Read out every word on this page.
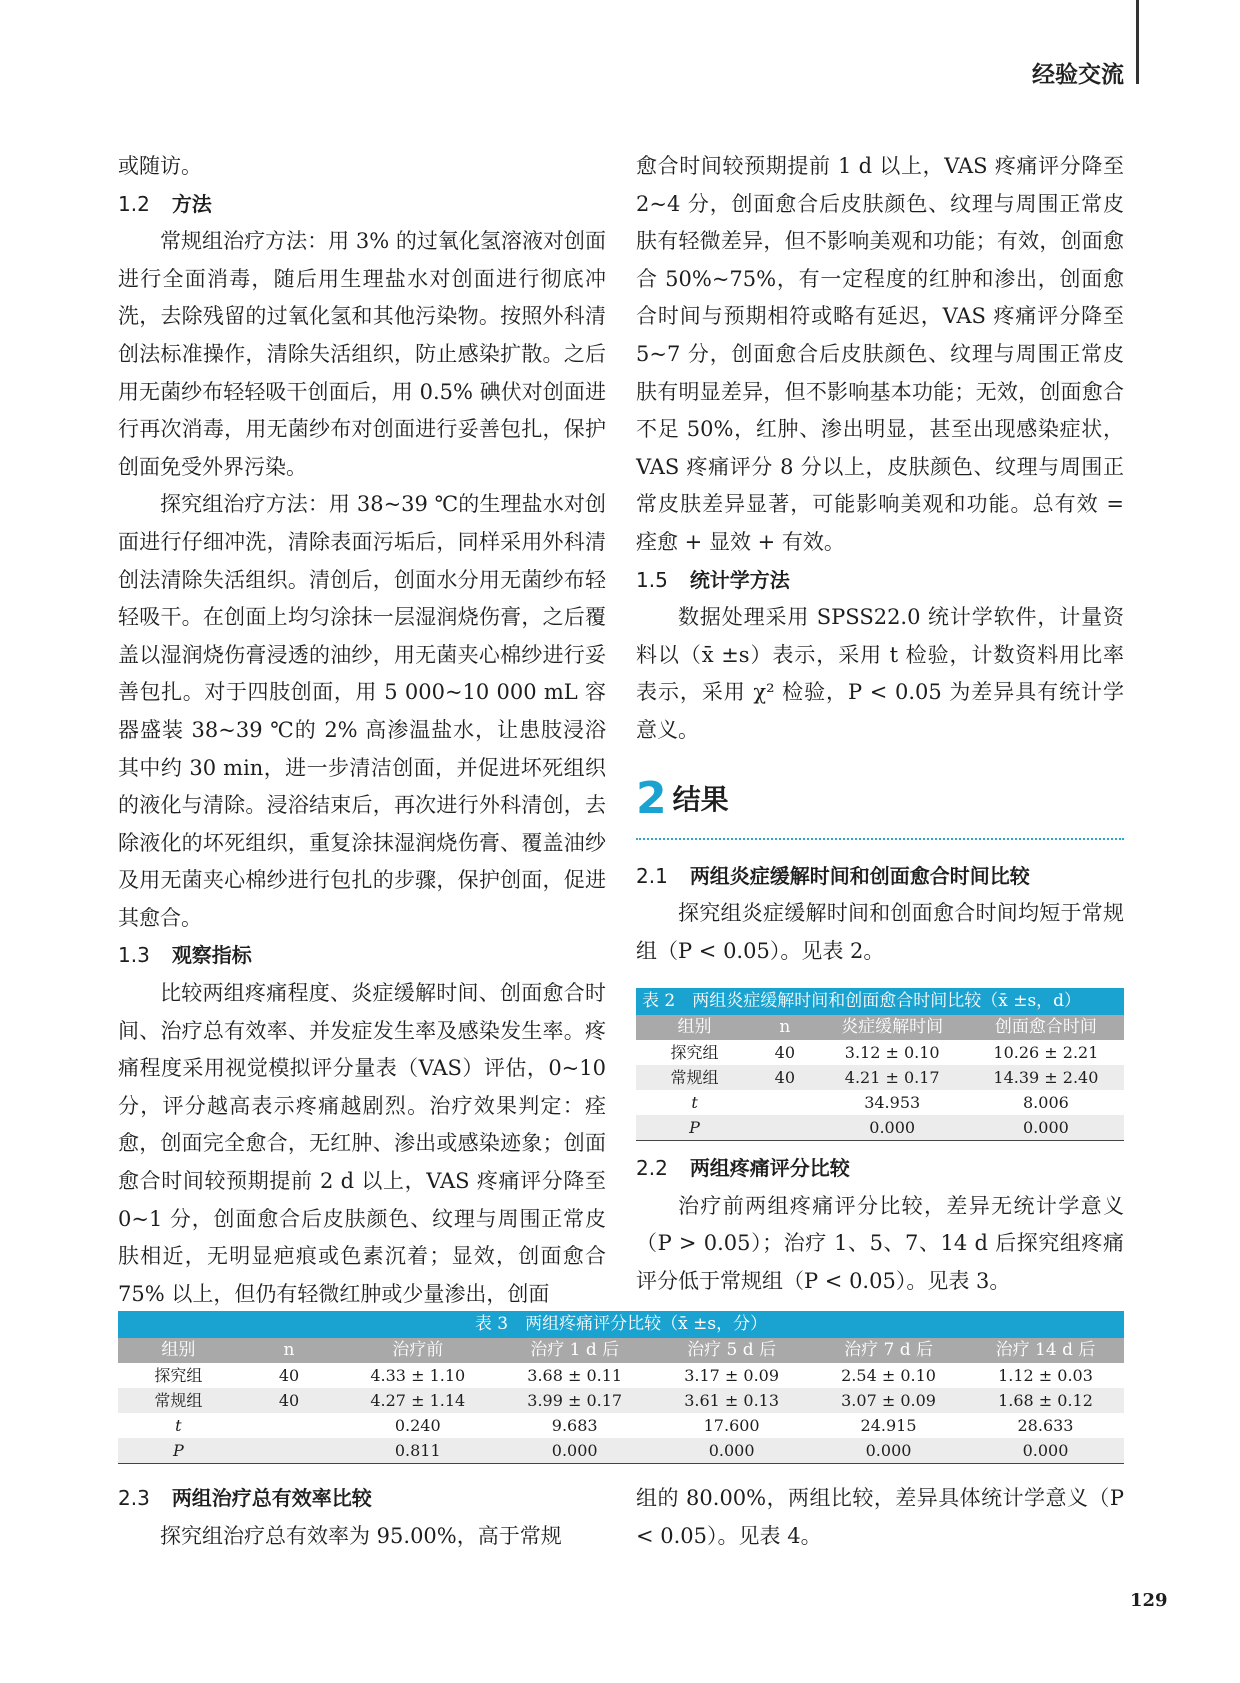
经验交流

或随访。

1.2 方法

常规组治疗方法：用 3% 的过氧化氢溶液对创面进行全面消毒，随后用生理盐水对创面进行彻底冲洗，去除残留的过氧化氢和其他污染物。按照外科清创法标准操作，清除失活组织，防止感染扩散。之后用无菌纱布轻轻吸干创面后，用 0.5% 碘伏对创面进行再次消毒，用无菌纱布对创面进行妥善包扎，保护创面免受外界污染。

探究组治疗方法：用 38~39 ℃的生理盐水对创面进行仔细冲洗，清除表面污垢后，同样采用外科清创法清除失活组织。清创后，创面水分用无菌纱布轻轻吸干。在创面上均匀涂抹一层湿润烧伤膏，之后覆盖以湿润烧伤膏浸透的油纱，用无菌夹心棉纱进行妥善包扎。对于四肢创面，用 5 000~10 000 mL 容器盛装 38~39 ℃的 2% 高渗温盐水，让患肢浸浴其中约 30 min，进一步清洁创面，并促进坏死组织的液化与清除。浸浴结束后，再次进行外科清创，去除液化的坏死组织，重复涂抹湿润烧伤膏、覆盖油纱及用无菌夹心棉纱进行包扎的步骤，保护创面，促进其愈合。

1.3 观察指标

比较两组疼痛程度、炎症缓解时间、创面愈合时间、治疗总有效率、并发症发生率及感染发生率。疼痛程度采用视觉模拟评分量表（VAS）评估，0~10 分，评分越高表示疼痛越剧烈。治疗效果判定：痊愈，创面完全愈合，无红肿、渗出或感染迹象；创面愈合时间较预期提前 2 d 以上，VAS 疼痛评分降至 0~1 分，创面愈合后皮肤颜色、纹理与周围正常皮肤相近，无明显疤痕或色素沉着；显效，创面愈合 75% 以上，但仍有轻微红肿或少量渗出，创面

愈合时间较预期提前 1 d 以上，VAS 疼痛评分降至 2~4 分，创面愈合后皮肤颜色、纹理与周围正常皮肤有轻微差异，但不影响美观和功能；有效，创面愈合 50%~75%，有一定程度的红肿和渗出，创面愈合时间与预期相符或略有延迟，VAS 疼痛评分降至 5~7 分，创面愈合后皮肤颜色、纹理与周围正常皮肤有明显差异，但不影响基本功能；无效，创面愈合不足 50%，红肿、渗出明显，甚至出现感染症状，VAS 疼痛评分 8 分以上，皮肤颜色、纹理与周围正常皮肤差异显著，可能影响美观和功能。总有效 = 痊愈 + 显效 + 有效。

1.5 统计学方法

数据处理采用 SPSS22.0 统计学软件，计量资料以（x̄ ±s）表示，采用 t 检验，计数资料用比率表示，采用 χ² 检验，P < 0.05 为差异具有统计学意义。

2 结果
2.1 两组炎症缓解时间和创面愈合时间比较

探究组炎症缓解时间和创面愈合时间均短于常规组（P < 0.05）。见表 2。

表 2　两组炎症缓解时间和创面愈合时间比较（x̄ ±s，d）			
组别	n	炎症缓解时间	创面愈合时间
探究组	40	3.12 ± 0.10	10.26 ± 2.21
常规组	40	4.21 ± 0.17	14.39 ± 2.40
t		34.953	8.006
P		0.000	0.000
2.2 两组疼痛评分比较

治疗前两组疼痛评分比较，差异无统计学意义（P > 0.05）；治疗 1、5、7、14 d 后探究组疼痛评分低于常规组（P < 0.05）。见表 3。

表 3　两组疼痛评分比较（x̄ ±s，分）						
组别	n	治疗前	治疗 1 d 后	治疗 5 d 后	治疗 7 d 后	治疗 14 d 后
探究组	40	4.33 ± 1.10	3.68 ± 0.11	3.17 ± 0.09	2.54 ± 0.10	1.12 ± 0.03
常规组	40	4.27 ± 1.14	3.99 ± 0.17	3.61 ± 0.13	3.07 ± 0.09	1.68 ± 0.12
t		0.240	9.683	17.600	24.915	28.633
P		0.811	0.000	0.000	0.000	0.000
2.3 两组治疗总有效率比较

探究组治疗总有效率为 95.00%，高于常规

组的 80.00%，两组比较，差异具体统计学意义（P < 0.05）。见表 4。

129
